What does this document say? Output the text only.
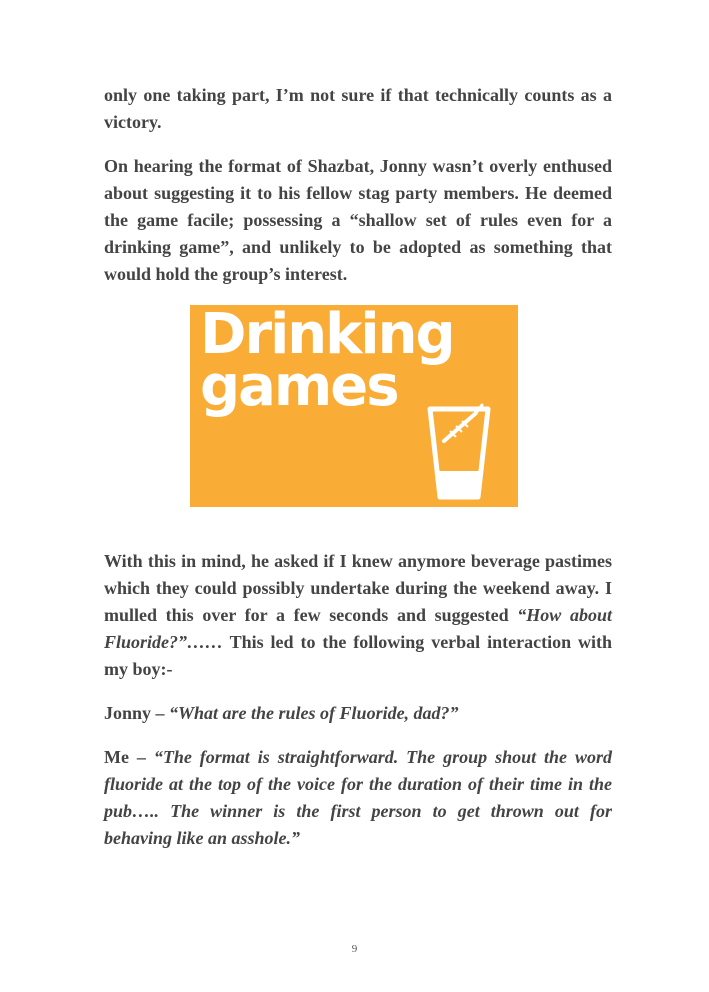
only one taking part, I’m not sure if that technically counts as a victory.

On hearing the format of Shazbat, Jonny wasn’t overly enthused about suggesting it to his fellow stag party members. He deemed the game facile; possessing a “shallow set of rules even for a drinking game”, and unlikely to be adopted as something that would hold the group’s interest.

Drinking
games

With this in mind, he asked if I knew anymore beverage pastimes which they could possibly undertake during the weekend away. I mulled this over for a few seconds and suggested “How about Fluoride?”…… This led to the following verbal interaction with my boy:-

Jonny – “What are the rules of Fluoride, dad?”

Me – “The format is straightforward. The group shout the word fluoride at the top of the voice for the duration of their time in the pub….. The winner is the first person to get thrown out for behaving like an asshole.”

9
